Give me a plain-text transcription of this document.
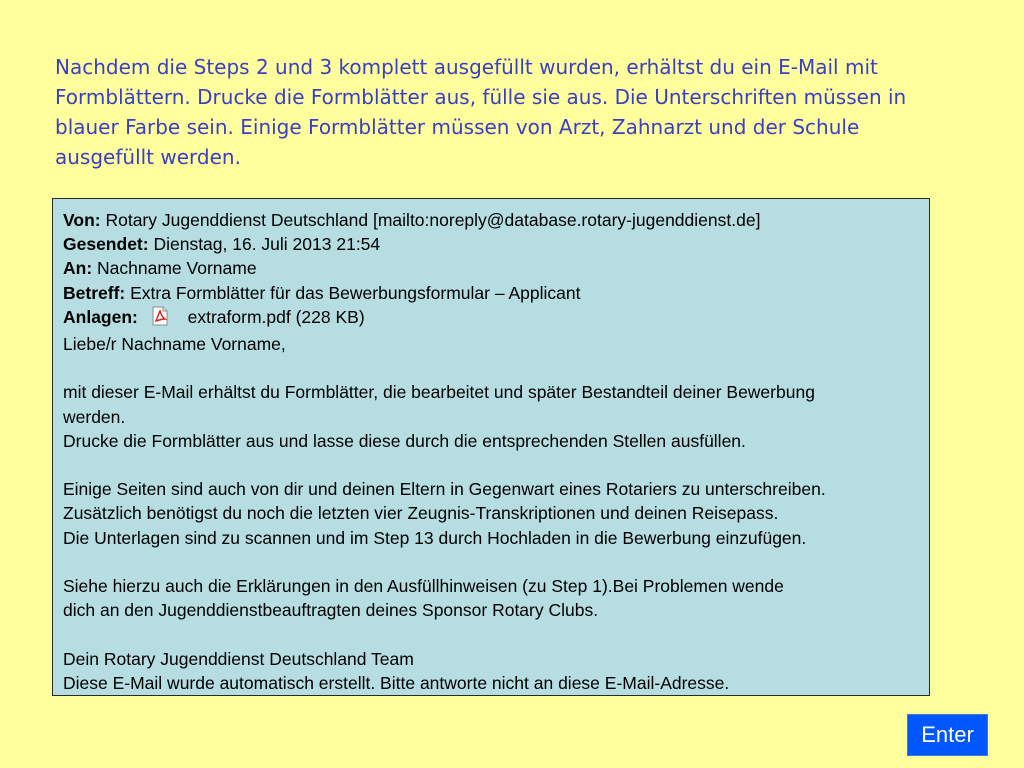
Nachdem die Steps 2 und 3 komplett ausgefüllt wurden, erhältst du ein E-Mail mit Formblättern. Drucke die Formblätter aus, fülle sie aus. Die Unterschriften müssen in blauer Farbe sein. Einige Formblätter müssen von Arzt, Zahnarzt und der Schule ausgefüllt werden.

Von: Rotary Jugenddienst Deutschland [mailto:noreply@database.rotary-jugenddienst.de]
Gesendet: Dienstag, 16. Juli 2013 21:54
An: Nachname Vorname
Betreff: Extra Formblätter für das Bewerbungsformular – Applicant
Anlagen:	extraform.pdf (228 KB)
Liebe/r Nachname Vorname,
mit dieser E-Mail erhältst du Formblätter, die bearbeitet und später Bestandteil deiner Bewerbung
werden.
Drucke die Formblätter aus und lasse diese durch die entsprechenden Stellen ausfüllen.
Einige Seiten sind auch von dir und deinen Eltern in Gegenwart eines Rotariers zu unterschreiben.
Zusätzlich benötigst du noch die letzten vier Zeugnis-Transkriptionen und deinen Reisepass.
Die Unterlagen sind zu scannen und im Step 13 durch Hochladen in die Bewerbung einzufügen.
Siehe hierzu auch die Erklärungen in den Ausfüllhinweisen (zu Step 1).Bei Problemen wende
dich an den Jugenddienstbeauftragten deines Sponsor Rotary Clubs.
Dein Rotary Jugenddienst Deutschland Team
Diese E-Mail wurde automatisch erstellt. Bitte antworte nicht an diese E-Mail-Adresse.
Enter
